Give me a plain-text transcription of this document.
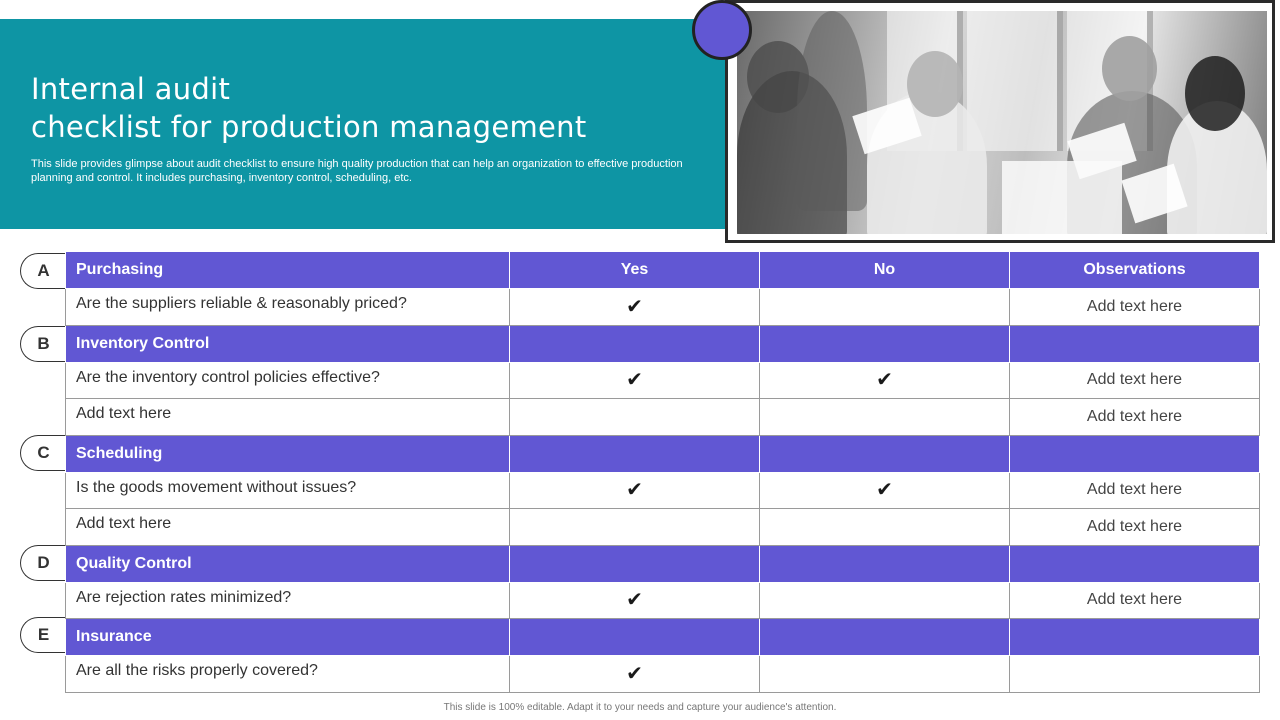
Internal audit
checklist for production management

This slide provides glimpse about audit checklist to ensure high quality production that can help an organization to effective production planning and control. It includes purchasing, inventory control, scheduling, etc.

A
B
C
D
E
Purchasing	Yes	No	Observations
Are the suppliers reliable & reasonably priced?	✔		Add text here
Inventory Control			
Are the inventory control policies effective?	✔	✔	Add text here
Add text here			Add text here
Scheduling			
Is the goods movement without issues?	✔	✔	Add text here
Add text here			Add text here
Quality Control			
Are rejection rates minimized?	✔		Add text here
Insurance			
Are all the risks properly covered?	✔		
This slide is 100% editable. Adapt it to your needs and capture your audience's attention.
